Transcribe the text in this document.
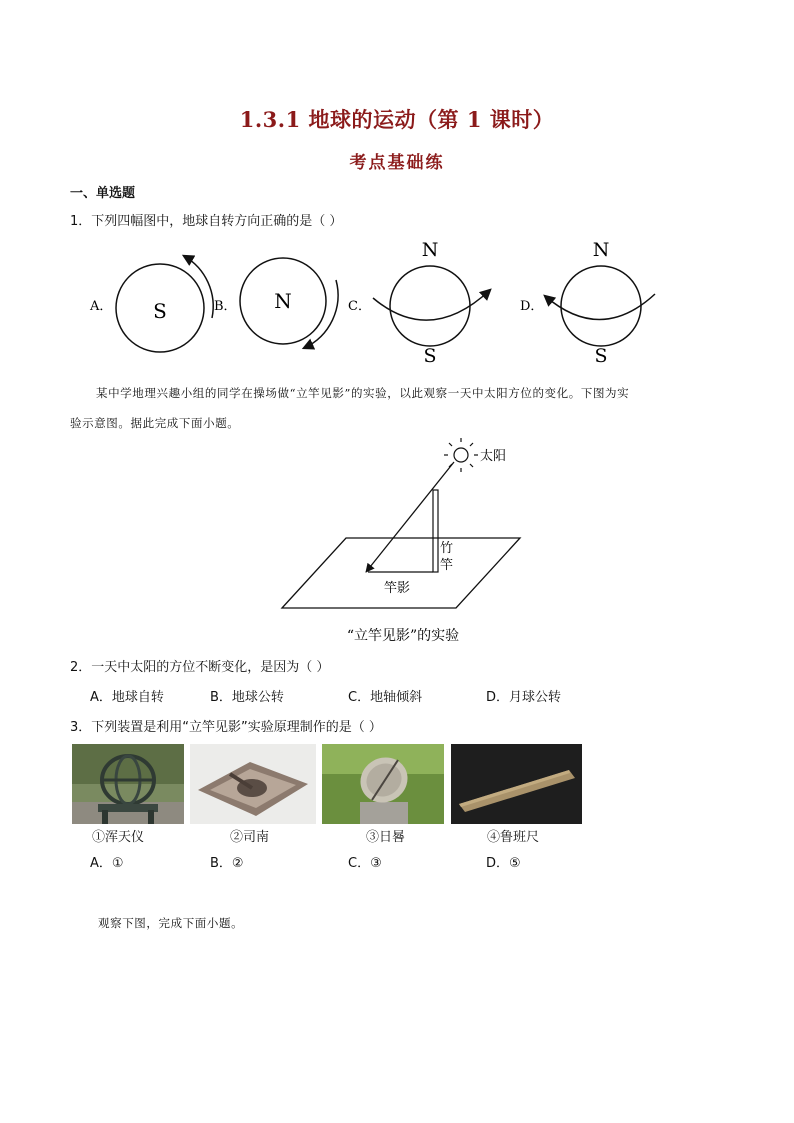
1.3.1 地球的运动（第 1 课时）
考点基础练
一、单选题
1．下列四幅图中，地球自转方向正确的是（ ）
A． S	B． N	C．
N
S
D．
N
S
某中学地理兴趣小组的同学在操场做“立竿见影”的实验，以此观察一天中太阳方位的变化。下图为实
验示意图。据此完成下面小题。
太阳
竹
竿
竿影
“立竿见影”的实验
2．一天中太阳的方位不断变化，是因为（ ）
A．地球自转	B．地球公转	C．地轴倾斜	D．月球公转
3．下列装置是利用“立竿见影”实验原理制作的是（ ）
①浑天仪	②司南	③日晷	④鲁班尺
A．①	B．②	C．③	D．⑤
观察下图，完成下面小题。
